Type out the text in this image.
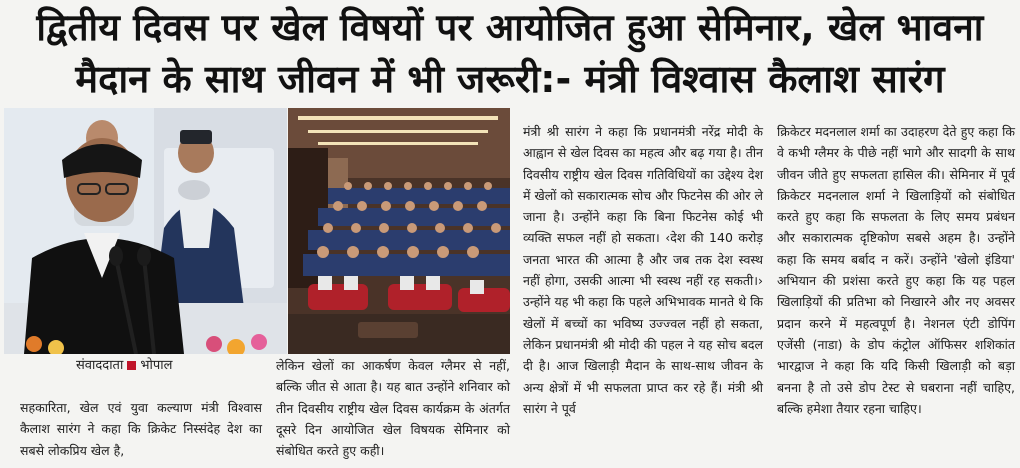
द्वितीय दिवस पर खेल विषयों पर आयोजित हुआ सेमिनार, खेल भावना
मैदान के साथ जीवन में भी जरूरी:- मंत्री विश्वास कैलाश सारंग
संवाददाता भोपाल

सहकारिता, खेल एवं युवा कल्याण मंत्री विश्वास कैलाश सारंग ने कहा कि क्रिकेट निस्संदेह देश का सबसे लोकप्रिय खेल है,

लेकिन खेलों का आकर्षण केवल ग्लैमर से नहीं, बल्कि जीत से आता है। यह बात उन्होंने शनिवार को तीन दिवसीय राष्ट्रीय खेल दिवस कार्यक्रम के अंतर्गत दूसरे दिन आयोजित खेल विषयक सेमिनार को संबोधित करते हुए कही।

मंत्री श्री सारंग ने कहा कि प्रधानमंत्री नरेंद्र मोदी के आह्वान से खेल दिवस का महत्व और बढ़ गया है। तीन दिवसीय राष्ट्रीय खेल दिवस गतिविधियों का उद्देश्य देश में खेलों को सकारात्मक सोच और फिटनेस की ओर ले जाना है। उन्होंने कहा कि बिना फिटनेस कोई भी व्यक्ति सफल नहीं हो सकता। ‹देश की 140 करोड़ जनता भारत की आत्मा है और जब तक देश स्वस्थ नहीं होगा, उसकी आत्मा भी स्वस्थ नहीं रह सकती।› उन्होंने यह भी कहा कि पहले अभिभावक मानते थे कि खेलों में बच्चों का भविष्य उज्ज्वल नहीं हो सकता, लेकिन प्रधानमंत्री श्री मोदी की पहल ने यह सोच बदल दी है। आज खिलाड़ी मैदान के साथ-साथ जीवन के अन्य क्षेत्रों में भी सफलता प्राप्त कर रहे हैं। मंत्री श्री सारंग ने पूर्व

क्रिकेटर मदनलाल शर्मा का उदाहरण देते हुए कहा कि वे कभी ग्लैमर के पीछे नहीं भागे और सादगी के साथ जीवन जीते हुए सफलता हासिल की। सेमिनार में पूर्व क्रिकेटर मदनलाल शर्मा ने खिलाड़ियों को संबोधित करते हुए कहा कि सफलता के लिए समय प्रबंधन और सकारात्मक दृष्टिकोण सबसे अहम है। उन्होंने कहा कि समय बर्बाद न करें। उन्होंने 'खेलो इंडिया' अभियान की प्रशंसा करते हुए कहा कि यह पहल खिलाड़ियों की प्रतिभा को निखारने और नए अवसर प्रदान करने में महत्वपूर्ण है। नेशनल एंटी डोपिंग एजेंसी (नाडा) के डोप कंट्रोल ऑफिसर शशिकांत भारद्वाज ने कहा कि यदि किसी खिलाड़ी को बड़ा बनना है तो उसे डोप टेस्ट से घबराना नहीं चाहिए, बल्कि हमेशा तैयार रहना चाहिए।
